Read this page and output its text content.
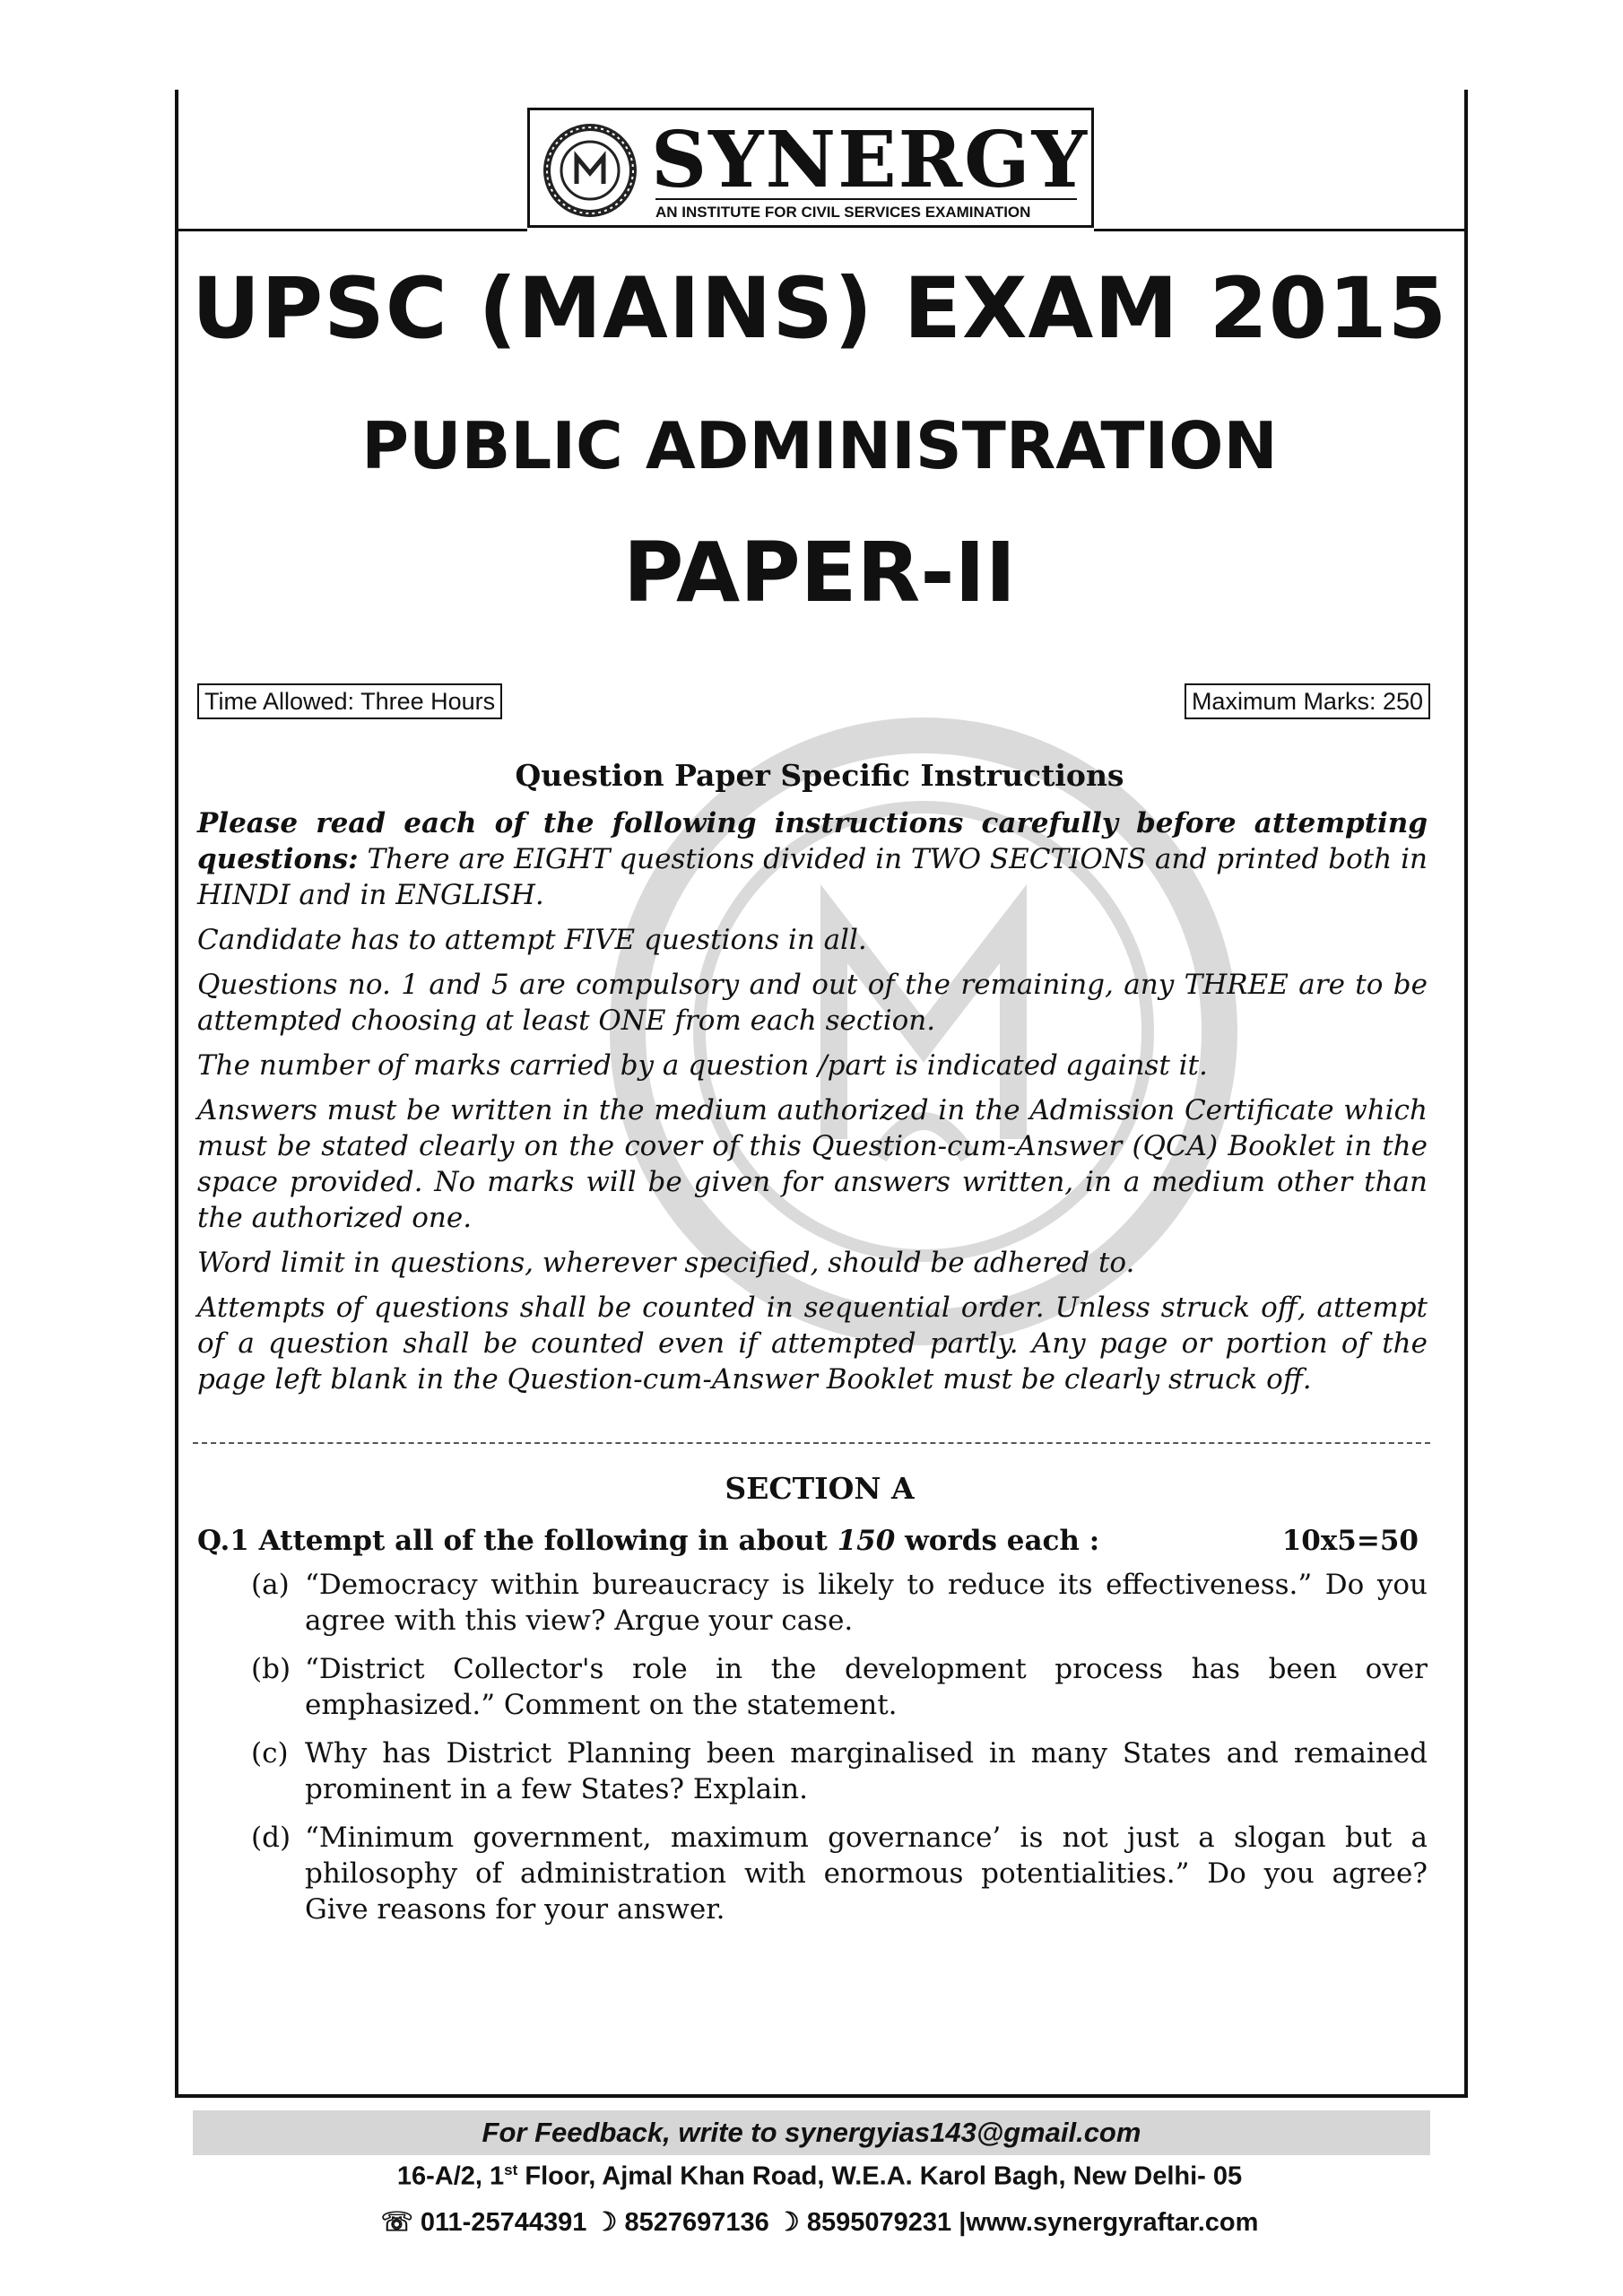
SYNERGY
AN INSTITUTE FOR CIVIL SERVICES EXAMINATION
UPSC (MAINS) EXAM 2015
PUBLIC ADMINISTRATION
PAPER-II
Time Allowed: Three Hours	Maximum Marks: 250
Question Paper Specific Instructions

Please read each of the following instructions carefully before attempting questions: There are EIGHT questions divided in TWO SECTIONS and printed both in HINDI and in ENGLISH.

Candidate has to attempt FIVE questions in all.

Questions no. 1 and 5 are compulsory and out of the remaining, any THREE are to be attempted choosing at least ONE from each section.

The number of marks carried by a question /part is indicated against it.

Answers must be written in the medium authorized in the Admission Certificate which must be stated clearly on the cover of this Question-cum-Answer (QCA) Booklet in the space provided. No marks will be given for answers written, in a medium other than the authorized one.

Word limit in questions, wherever specified, should be adhered to.

Attempts of questions shall be counted in sequential order. Unless struck off, attempt of a question shall be counted even if attempted partly. Any page or portion of the page left blank in the Question-cum-Answer Booklet must be clearly struck off.

SECTION A
Q.1 Attempt all of the following in about 150 words each :	10x5=50
(a) “Democracy within bureaucracy is likely to reduce its effectiveness.” Do you agree with this view? Argue your case.
(b) “District Collector's role in the development process has been over emphasized.” Comment on the statement.
(c) Why has District Planning been marginalised in many States and remained prominent in a few States? Explain.
(d) “Minimum government, maximum governance’ is not just a slogan but a philosophy of administration with enormous potentialities.” Do you agree? Give reasons for your answer.
For Feedback, write to synergyias143@gmail.com
16-A/2, 1st Floor, Ajmal Khan Road, W.E.A. Karol Bagh, New Delhi- 05
☏ 011-25744391 ☽ 8527697136 ☽ 8595079231 |www.synergyraftar.com
